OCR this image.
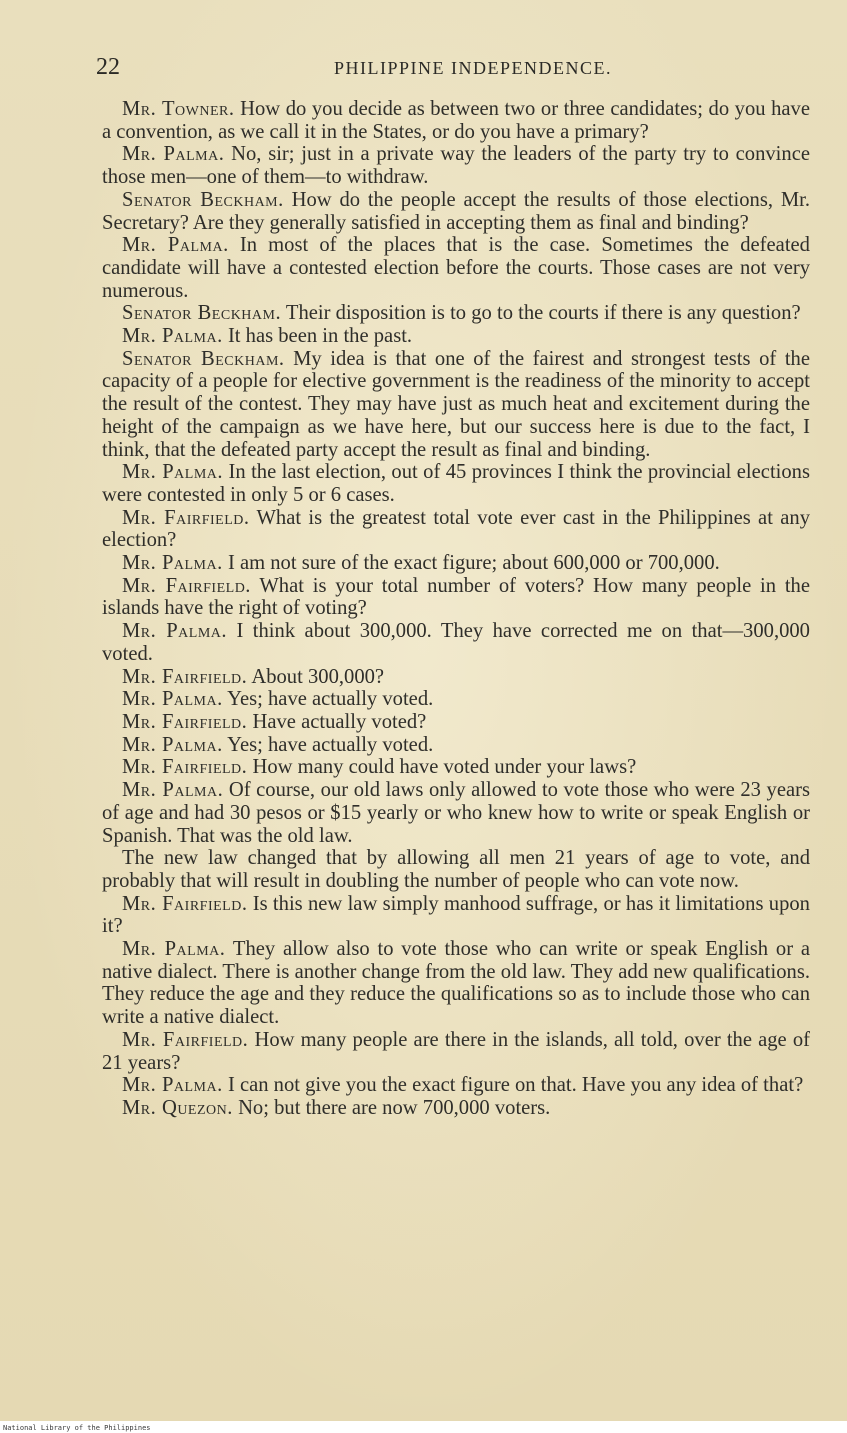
22	PHILIPPINE INDEPENDENCE.

Mr. Towner. How do you decide as between two or three candidates; do you have a convention, as we call it in the States, or do you have a primary?

Mr. Palma. No, sir; just in a private way the leaders of the party try to convince those men—one of them—to withdraw.

Senator Beckham. How do the people accept the results of those elections, Mr. Secretary? Are they generally satisfied in accepting them as final and binding?

Mr. Palma. In most of the places that is the case. Sometimes the defeated candidate will have a contested election before the courts. Those cases are not very numerous.

Senator Beckham. Their disposition is to go to the courts if there is any question?

Mr. Palma. It has been in the past.

Senator Beckham. My idea is that one of the fairest and strongest tests of the capacity of a people for elective government is the readiness of the minority to accept the result of the contest. They may have just as much heat and excitement during the height of the campaign as we have here, but our success here is due to the fact, I think, that the defeated party accept the result as final and binding.

Mr. Palma. In the last election, out of 45 provinces I think the provincial elections were contested in only 5 or 6 cases.

Mr. Fairfield. What is the greatest total vote ever cast in the Philippines at any election?

Mr. Palma. I am not sure of the exact figure; about 600,000 or 700,000.

Mr. Fairfield. What is your total number of voters? How many people in the islands have the right of voting?

Mr. Palma. I think about 300,000. They have corrected me on that—300,000 voted.

Mr. Fairfield. About 300,000?

Mr. Palma. Yes; have actually voted.

Mr. Fairfield. Have actually voted?

Mr. Palma. Yes; have actually voted.

Mr. Fairfield. How many could have voted under your laws?

Mr. Palma. Of course, our old laws only allowed to vote those who were 23 years of age and had 30 pesos or $15 yearly or who knew how to write or speak English or Spanish. That was the old law.

The new law changed that by allowing all men 21 years of age to vote, and probably that will result in doubling the number of people who can vote now.

Mr. Fairfield. Is this new law simply manhood suffrage, or has it limitations upon it?

Mr. Palma. They allow also to vote those who can write or speak English or a native dialect. There is another change from the old law. They add new qualifications. They reduce the age and they reduce the qualifications so as to include those who can write a native dialect.

Mr. Fairfield. How many people are there in the islands, all told, over the age of 21 years?

Mr. Palma. I can not give you the exact figure on that. Have you any idea of that?

Mr. Quezon. No; but there are now 700,000 voters.

National Library of the Philippines
